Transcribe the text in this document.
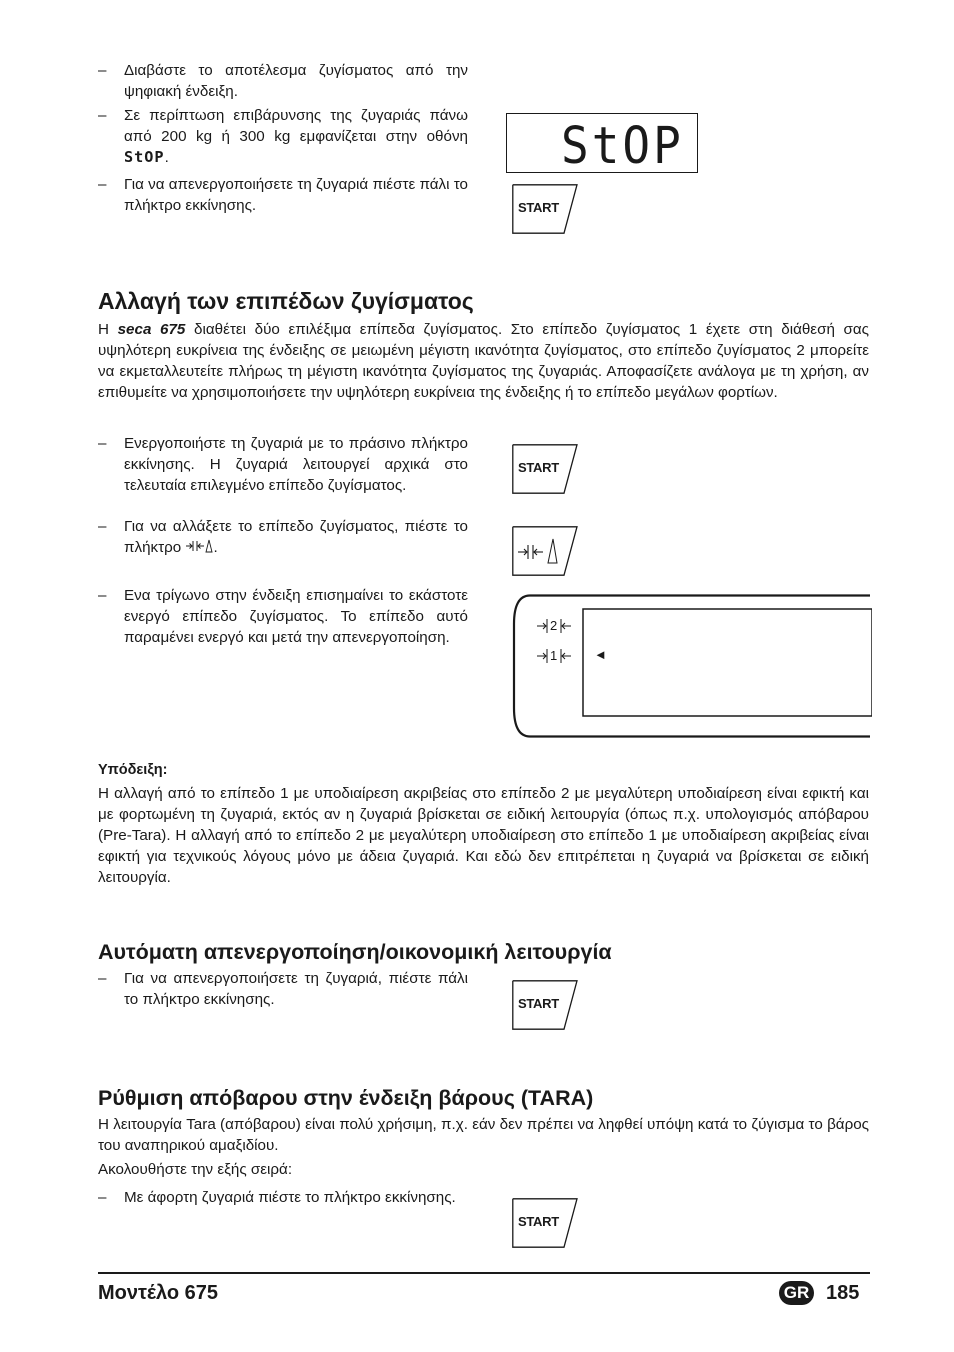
– Διαβάστε το αποτέλεσμα ζυγίσματος από την ψηφιακή ένδειξη.
– Σε περίπτωση επιβάρυνσης της ζυγαριάς πάνω από 200 kg ή 300 kg εμφανίζεται στην οθόνη StOP.
– Για να απενεργοποιήσετε τη ζυγαριά πιέστε πάλι το πλήκτρο εκκίνησης.
StOP
START
Αλλαγή των επιπέδων ζυγίσματος

Η seca 675 διαθέτει δύο επιλέξιμα επίπεδα ζυγίσματος. Στο επίπεδο ζυγίσματος 1 έχετε στη διάθεσή σας υψηλότερη ευκρίνεια της ένδειξης σε μειωμένη μέγιστη ικανότητα ζυγίσματος, στο επίπεδο ζυγίσματος 2 μπορείτε να εκμεταλλευτείτε πλήρως τη μέγιστη ικανότητα ζυγίσματος της ζυγαριάς. Αποφασίζετε ανάλογα με τη χρήση, αν επιθυμείτε να χρησιμοποιήσετε την υψηλότερη ευκρίνεια της ένδειξης ή το επίπεδο μεγάλων φορτίων.

– Ενεργοποιήστε τη ζυγαριά με το πράσινο πλήκτρο εκκίνησης. Η ζυγαριά λειτουργεί αρχικά στο τελευταία επιλεγμένο επίπεδο ζυγίσματος.
– Για να αλλάξετε το επίπεδο ζυγίσματος, πιέστε το πλήκτρο .
– Ενα τρίγωνο στην ένδειξη επισημαίνει το εκάστοτε ενεργό επίπεδο ζυγίσματος. Το επίπεδο αυτό παραμένει ενεργό και μετά την απενεργοποίηση.
START
2
1	◄
Υπόδειξη:

Η αλλαγή από το επίπεδο 1 με υποδιαίρεση ακριβείας στο επίπεδο 2 με μεγαλύτερη υποδιαίρεση είναι εφικτή και με φορτωμένη τη ζυγαριά, εκτός αν η ζυγαριά βρίσκεται σε ειδική λειτουργία (όπως π.χ. υπολογισμός απόβαρου (Pre-Tara). Η αλλαγή από το επίπεδο 2 με μεγαλύτερη υποδιαίρεση στο επίπεδο 1 με υποδιαίρεση ακριβείας είναι εφικτή για τεχνικούς λόγους μόνο με άδεια ζυγαριά. Και εδώ δεν επιτρέπεται η ζυγαριά να βρίσκεται σε ειδική λειτουργία.

Αυτόματη απενεργοποίηση/οικονομική λειτουργία
– Για να απενεργοποιήσετε τη ζυγαριά, πιέστε πάλι το πλήκτρο εκκίνησης.	START
Ρύθμιση απόβαρου στην ένδειξη βάρους (TARA)

Η λειτουργία Tara (απόβαρου) είναι πολύ χρήσιμη, π.χ. εάν δεν πρέπει να ληφθεί υπόψη κατά το ζύγισμα το βάρος του αναπηρικού αμαξιδίου.

Ακολουθήστε την εξής σειρά:

– Με άφορτη ζυγαριά πιέστε το πλήκτρο εκκίνησης.
START
Μοντέλο 675	GR 185
